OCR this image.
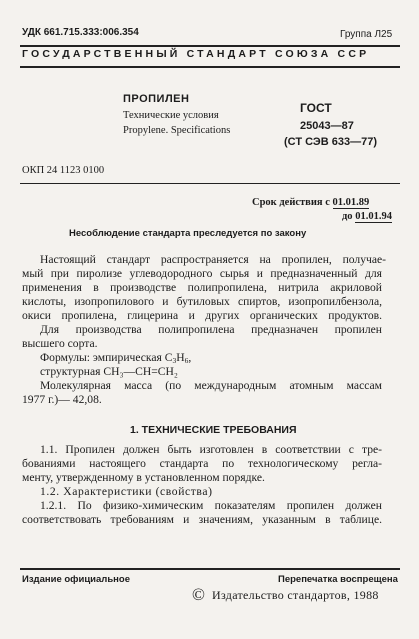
УДК 661.715.333:006.354	Группа Л25
ГОСУДАРСТВЕННЫЙ СТАНДАРТ СОЮЗА ССР
ПРОПИЛЕН
Технические условия
Propylene. Specifications
ГОСТ
25043—87
(СТ СЭВ 633—77)
ОКП 24 1123 0100
Срок действия с 01.01.89
до 01.01.94
Несоблюдение стандарта преследуется по закону
Настоящий стандарт распространяется на пропилен, получае-
мый при пиролизе углеводородного сырья и предназначенный для
применения в производстве полипропилена, нитрила акриловой
кислоты, изопропилового и бутиловых спиртов, изопропилбензола,
окиси пропилена, глицерина и других органических продуктов.
Для производства полипропилена предназначен пропилен
высшего сорта.
Формулы: эмпирическая $C_3H_6$,
структурная CH₃—CH=CH₂
Молекулярная масса (по международным атомным массам
1977 г.)— 42,08.
1. ТЕХНИЧЕСКИЕ ТРЕБОВАНИЯ
1.1. Пропилен должен быть изготовлен в соответствии с тре-
бованиями настоящего стандарта по технологическому регла-
менту, утвержденному в установленном порядке.
1.2. Характеристики (свойства)
1.2.1. По физико-химическим показателям пропилен должен
соответствовать требованиям и значениям, указанным в таблице.
Издание официальное	Перепечатка воспрещена
© Издательство стандартов, 1988
